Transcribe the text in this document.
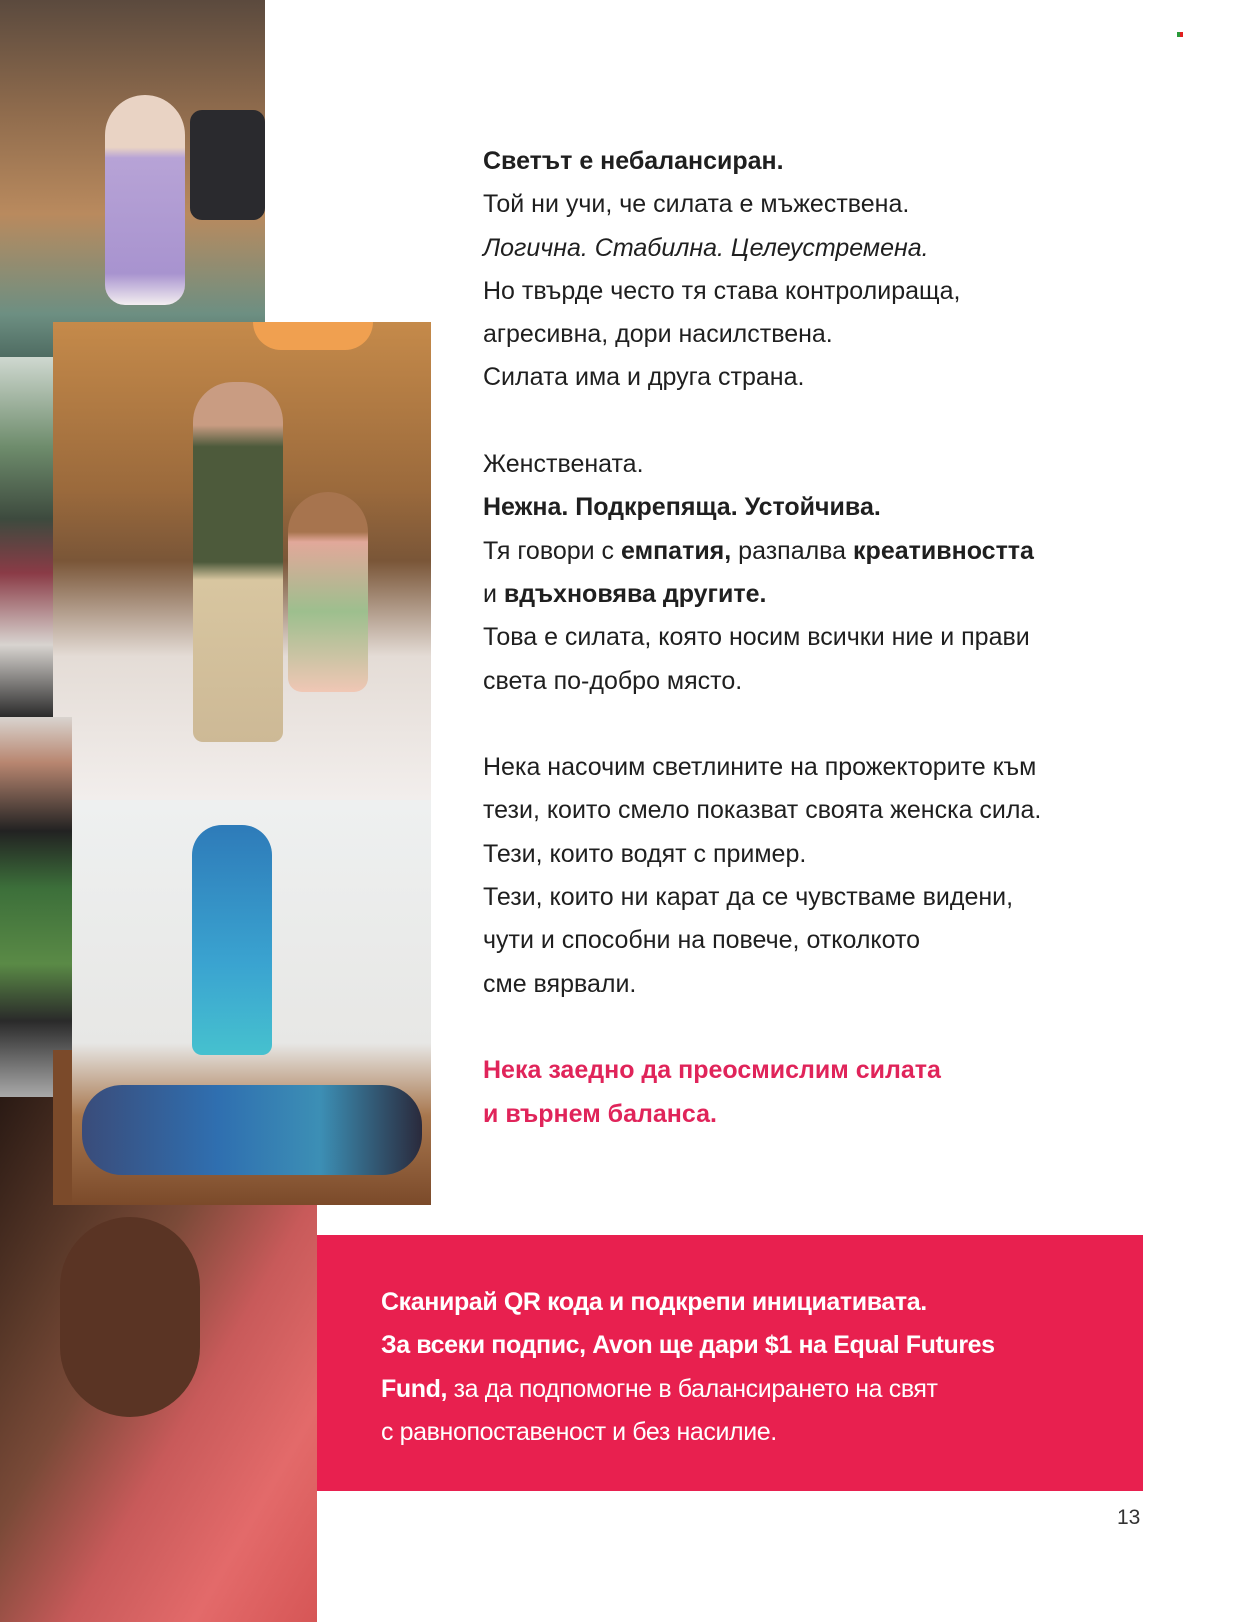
Светът е небалансиран.
Той ни учи, че силата е мъжествена.
Логична. Стабилна. Целеустремена.
Но твърде често тя става контролираща,
агресивна, дори насилствена.
Силата има и друга страна.
Женствената.
Нежна. Подкрепяща. Устойчива.
Тя говори с емпатия, разпалва креативността
и вдъхновява другите.
Това е силата, която носим всички ние и прави
света по-добро място.
Нека насочим светлините на прожекторите към
тези, които смело показват своята женска сила.
Тези, които водят с пример.
Тези, които ни карат да се чувстваме видени,
чути и способни на повече, отколкото
сме вярвали.
Нека заедно да преосмислим силата
и върнем баланса.
Сканирай QR кода и подкрепи инициативата.
За всеки подпис, Avon ще дари $1 на Equal Futures
Fund, за да подпомогне в балансирането на свят
с равнопоставеност и без насилие.
13
